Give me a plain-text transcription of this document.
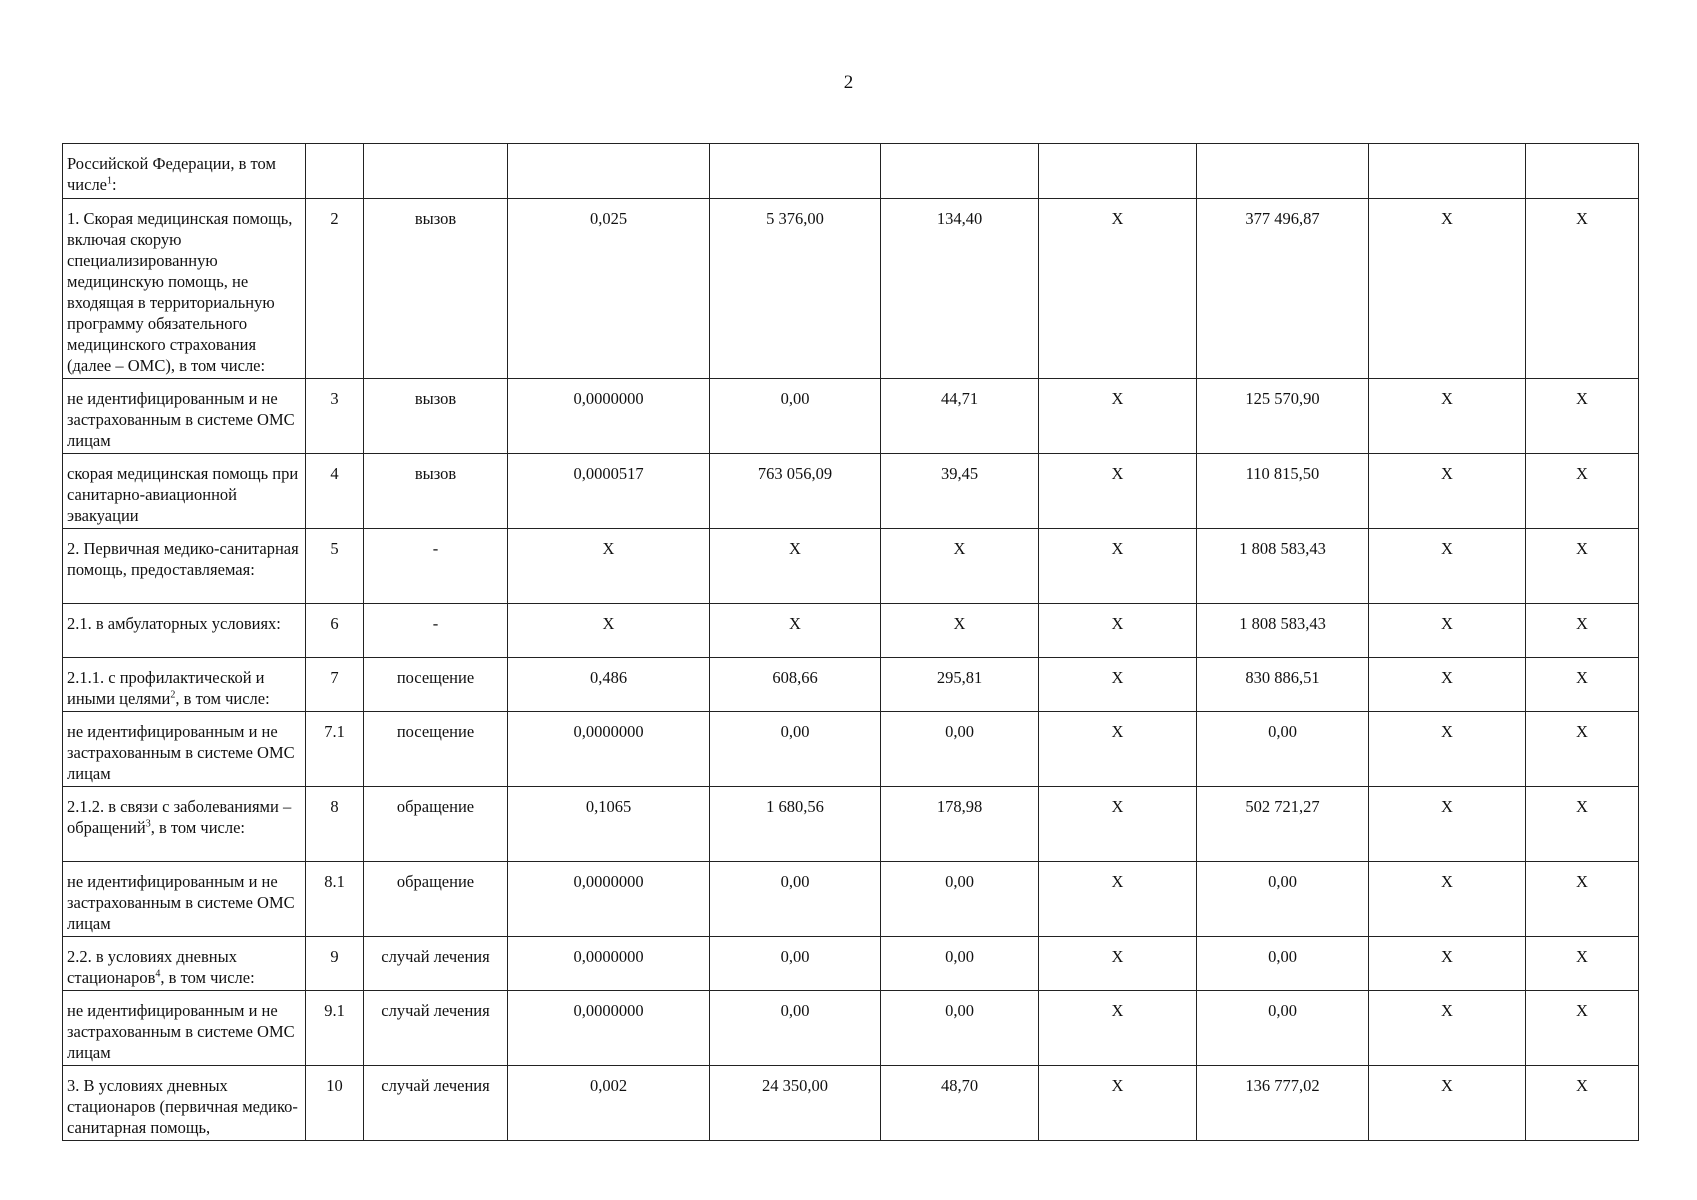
2
Российской Федерации, в том числе$^1$:									
1. Скорая медицинская помощь, включая скорую специализированную медицинскую помощь, не входящая в территориальную программу обязательного медицинского страхования (далее – ОМС), в том числе:	2	вызов	0,025	5 376,00	134,40	X	377 496,87	X	X
не идентифицированным и не застрахованным в системе ОМС лицам	3	вызов	0,0000000	0,00	44,71	X	125 570,90	X	X
скорая медицинская помощь при санитарно-авиационной эвакуации	4	вызов	0,0000517	763 056,09	39,45	X	110 815,50	X	X
2. Первичная медико-санитарная помощь, предоставляемая:	5	-	X	X	X	X	1 808 583,43	X	X
2.1. в амбулаторных условиях:	6	-	X	X	X	X	1 808 583,43	X	X
2.1.1. с профилактической и иными целями$^2$, в том числе:	7	посещение	0,486	608,66	295,81	X	830 886,51	X	X
не идентифицированным и не застрахованным в системе ОМС лицам	7.1	посещение	0,0000000	0,00	0,00	X	0,00	X	X
2.1.2. в связи с заболеваниями – обращений$^3$, в том числе:	8	обращение	0,1065	1 680,56	178,98	X	502 721,27	X	X
не идентифицированным и не застрахованным в системе ОМС лицам	8.1	обращение	0,0000000	0,00	0,00	X	0,00	X	X
2.2. в условиях дневных стационаров$^4$, в том числе:	9	случай лечения	0,0000000	0,00	0,00	X	0,00	X	X
не идентифицированным и не застрахованным в системе ОМС лицам	9.1	случай лечения	0,0000000	0,00	0,00	X	0,00	X	X
3. В условиях дневных стационаров (первичная медико-санитарная помощь,	10	случай лечения	0,002	24 350,00	48,70	X	136 777,02	X	X
